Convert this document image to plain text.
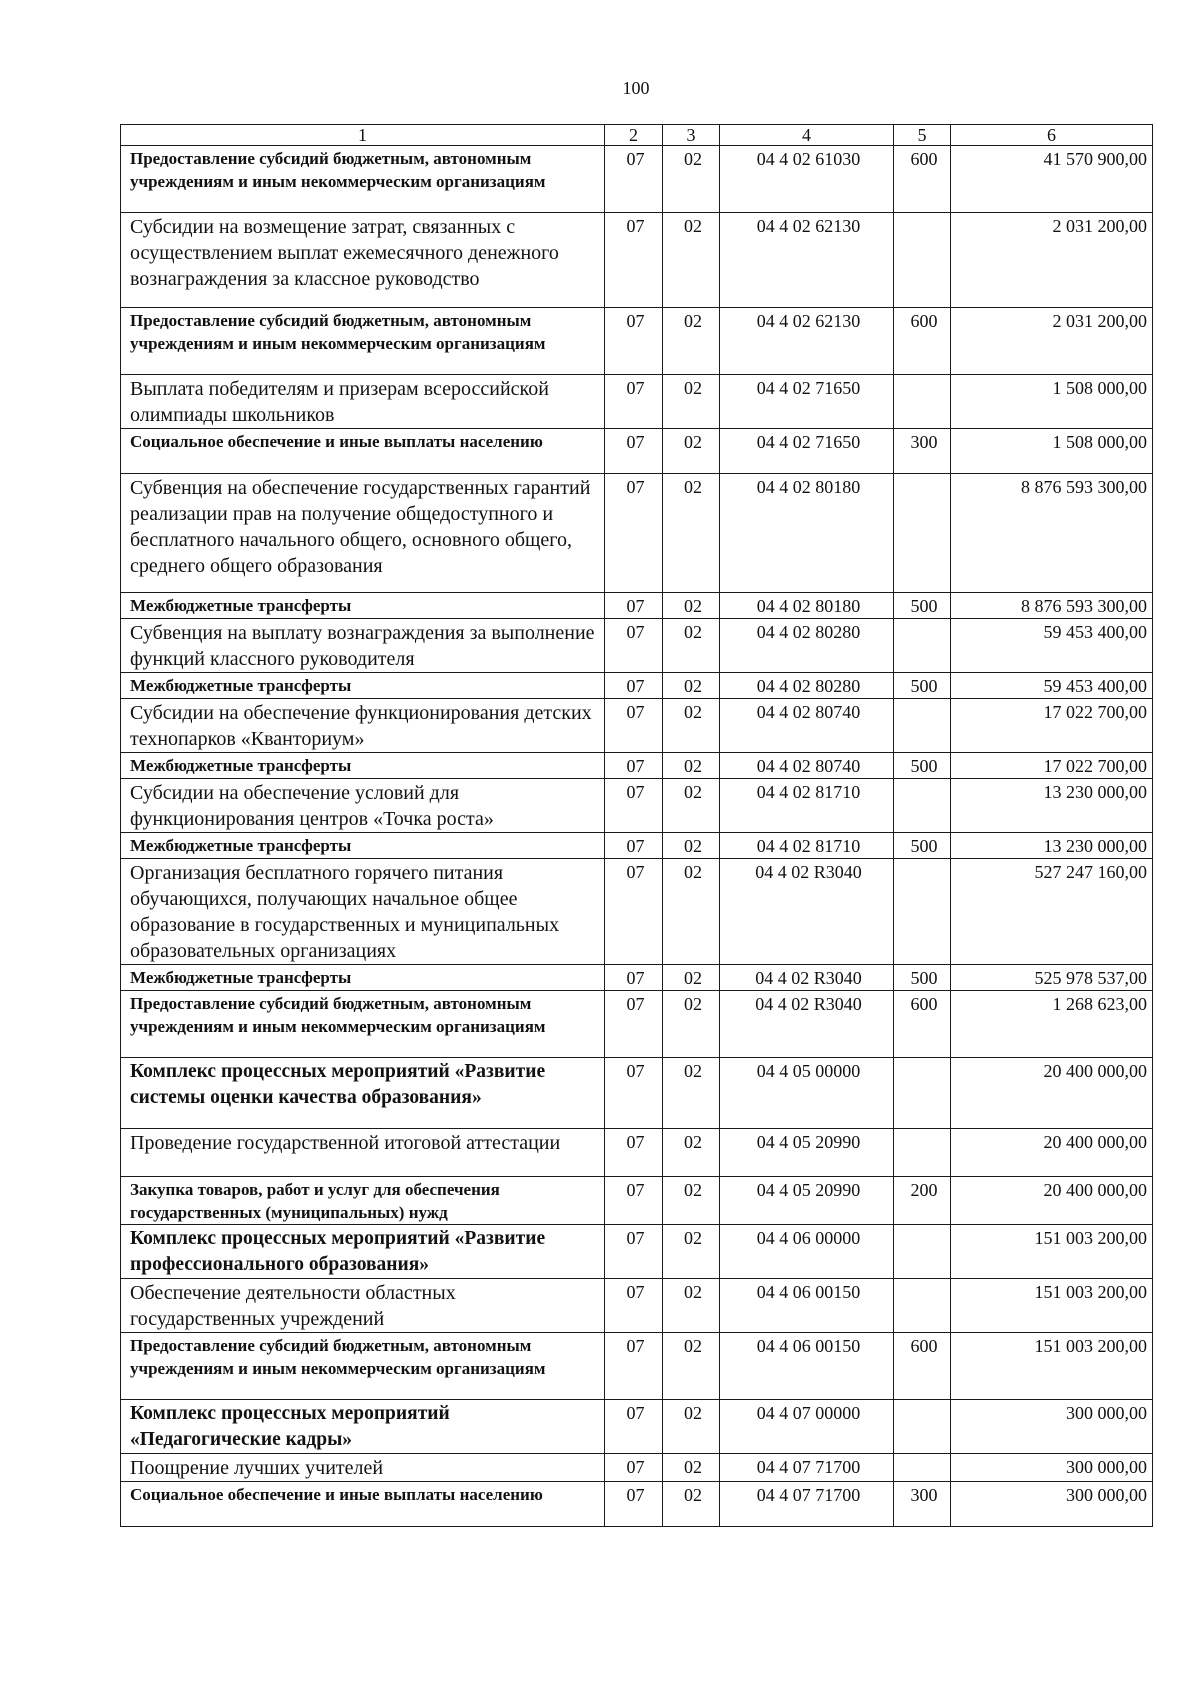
100
1	2	3	4	5	6
Предоставление субсидий бюджетным, автономным учреждениям и иным некоммерческим организациям	07	02	04 4 02 61030	600	41 570 900,00
Субсидии на возмещение затрат, связанных с осуществлением выплат ежемесячного денежного вознаграждения за классное руководство	07	02	04 4 02 62130		2 031 200,00
Предоставление субсидий бюджетным, автономным учреждениям и иным некоммерческим организациям	07	02	04 4 02 62130	600	2 031 200,00
Выплата победителям и призерам всероссийской олимпиады школьников	07	02	04 4 02 71650		1 508 000,00
Социальное обеспечение и иные выплаты населению	07	02	04 4 02 71650	300	1 508 000,00
Субвенция на обеспечение государственных гарантий реализации прав на получение общедоступного и бесплатного начального общего, основного общего, среднего общего образования	07	02	04 4 02 80180		8 876 593 300,00
Межбюджетные трансферты	07	02	04 4 02 80180	500	8 876 593 300,00
Субвенция на выплату вознаграждения за выполнение функций классного руководителя	07	02	04 4 02 80280		59 453 400,00
Межбюджетные трансферты	07	02	04 4 02 80280	500	59 453 400,00
Субсидии на обеспечение функционирования детских технопарков «Кванториум»	07	02	04 4 02 80740		17 022 700,00
Межбюджетные трансферты	07	02	04 4 02 80740	500	17 022 700,00
Субсидии на обеспечение условий для функционирования центров «Точка роста»	07	02	04 4 02 81710		13 230 000,00
Межбюджетные трансферты	07	02	04 4 02 81710	500	13 230 000,00
Организация бесплатного горячего питания обучающихся, получающих начальное общее образование в государственных и муниципальных образовательных организациях	07	02	04 4 02 R3040		527 247 160,00
Межбюджетные трансферты	07	02	04 4 02 R3040	500	525 978 537,00
Предоставление субсидий бюджетным, автономным учреждениям и иным некоммерческим организациям	07	02	04 4 02 R3040	600	1 268 623,00
Комплекс процессных мероприятий «Развитие системы оценки качества образования»	07	02	04 4 05 00000		20 400 000,00
Проведение государственной итоговой аттестации	07	02	04 4 05 20990		20 400 000,00
Закупка товаров, работ и услуг для обеспечения государственных (муниципальных) нужд	07	02	04 4 05 20990	200	20 400 000,00
Комплекс процессных мероприятий «Развитие профессионального образования»	07	02	04 4 06 00000		151 003 200,00
Обеспечение деятельности областных государственных учреждений	07	02	04 4 06 00150		151 003 200,00
Предоставление субсидий бюджетным, автономным учреждениям и иным некоммерческим организациям	07	02	04 4 06 00150	600	151 003 200,00
Комплекс процессных мероприятий «Педагогические кадры»	07	02	04 4 07 00000		300 000,00
Поощрение лучших учителей	07	02	04 4 07 71700		300 000,00
Социальное обеспечение и иные выплаты населению	07	02	04 4 07 71700	300	300 000,00
